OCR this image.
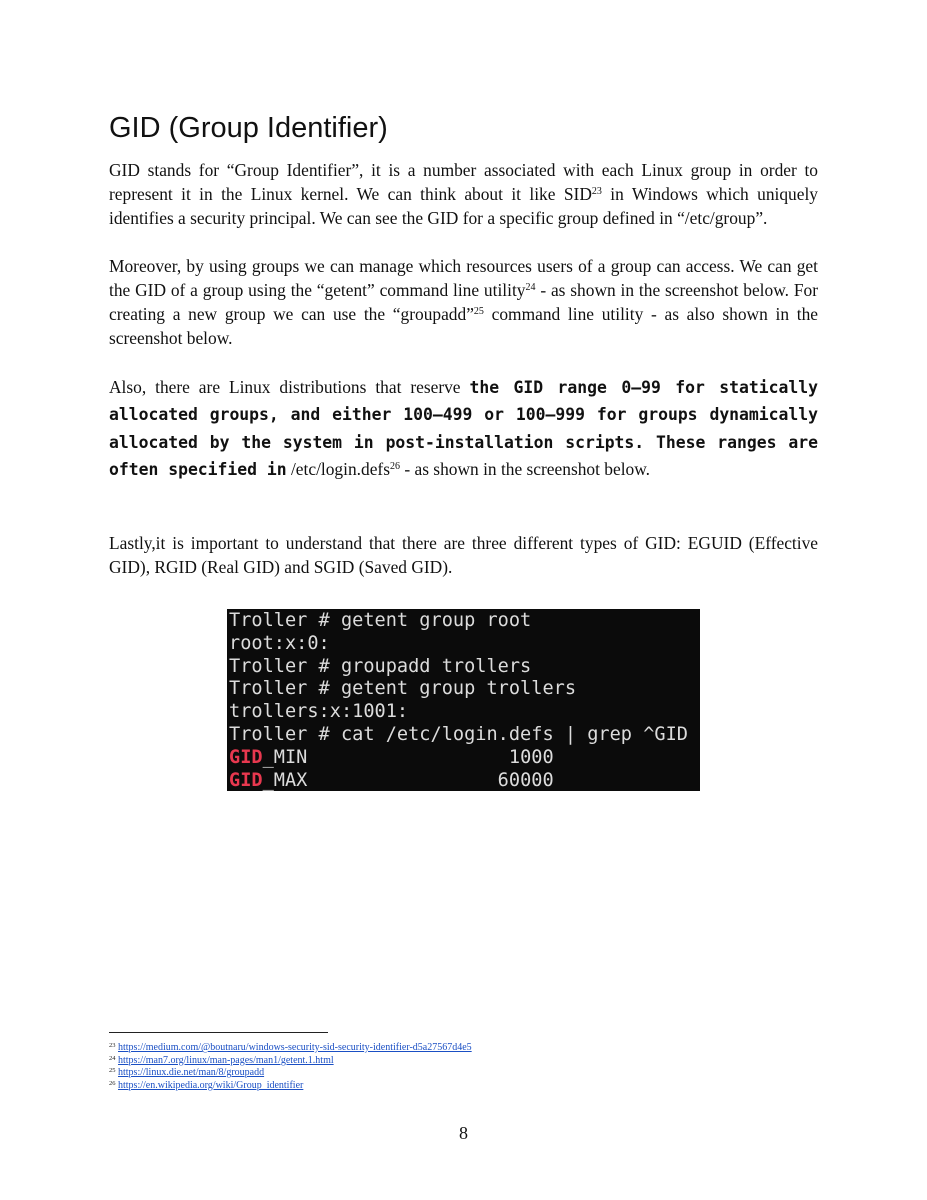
GID (Group Identifier)

GID stands for “Group Identifier”, it is a number associated with each Linux group in order to represent it in the Linux kernel. We can think about it like SID$^{23}$ in Windows which uniquely identifies a security principal. We can see the GID for a specific group defined in “/etc/group”.

Moreover, by using groups we can manage which resources users of a group can access. We can get the GID of a group using the “getent” command line utility$^{24}$ - as shown in the screenshot below. For creating a new group we can use the “groupadd”$^{25}$ command line utility - as also shown in the screenshot below.

Also, there are Linux distributions that reserve the GID range 0–99 for statically allocated groups, and either 100–499 or 100–999 for groups dynamically allocated by the system in post-installation scripts. These ranges are often specified in /etc/login.defs$^{26}$ - as shown in the screenshot below.

Lastly,it is important to understand that there are three different types of GID: EGUID (Effective GID), RGID (Real GID) and SGID (Saved GID).

Troller # getent group root
root:x:0:
Troller # groupadd trollers
Troller # getent group trollers
trollers:x:1001:
Troller # cat /etc/login.defs | grep ^GID
GID_MIN                  1000
GID_MAX                 60000
$^{23}$ https://medium.com/@boutnaru/windows-security-sid-security-identifier-d5a27567d4e5
$^{24}$ https://man7.org/linux/man-pages/man1/getent.1.html
$^{25}$ https://linux.die.net/man/8/groupadd
$^{26}$ https://en.wikipedia.org/wiki/Group_identifier
8
